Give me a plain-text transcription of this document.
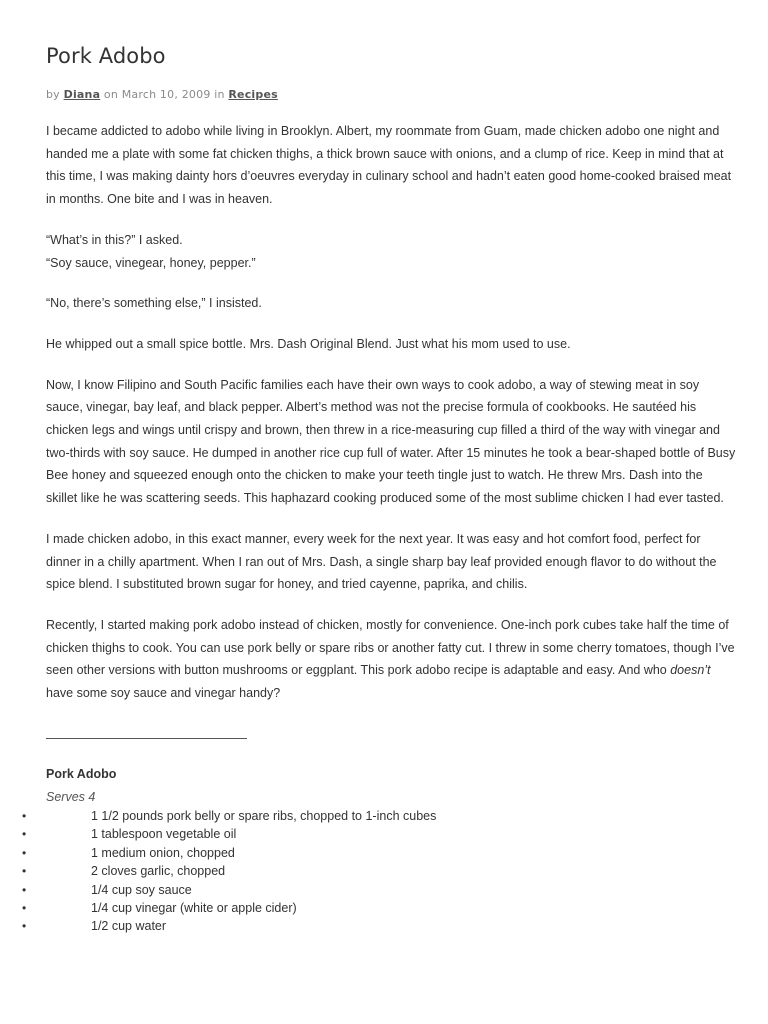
Pork Adobo
by Diana on March 10, 2009 in Recipes

I became addicted to adobo while living in Brooklyn. Albert, my roommate from Guam, made chicken adobo one night and handed me a plate with some fat chicken thighs, a thick brown sauce with onions, and a clump of rice. Keep in mind that at this time, I was making dainty hors d’oeuvres everyday in culinary school and hadn’t eaten good home-cooked braised meat in months. One bite and I was in heaven.

“What’s in this?” I asked.

“Soy sauce, vinegear, honey, pepper.”

“No, there’s something else,” I insisted.

He whipped out a small spice bottle. Mrs. Dash Original Blend. Just what his mom used to use.

Now, I know Filipino and South Pacific families each have their own ways to cook adobo, a way of stewing meat in soy sauce, vinegar, bay leaf, and black pepper. Albert’s method was not the precise formula of cookbooks. He sautéed his chicken legs and wings until crispy and brown, then threw in a rice-measuring cup filled a third of the way with vinegar and two-thirds with soy sauce. He dumped in another rice cup full of water. After 15 minutes he took a bear-shaped bottle of Busy Bee honey and squeezed enough onto the chicken to make your teeth tingle just to watch. He threw Mrs. Dash into the skillet like he was scattering seeds. This haphazard cooking produced some of the most sublime chicken I had ever tasted.

I made chicken adobo, in this exact manner, every week for the next year. It was easy and hot comfort food, perfect for dinner in a chilly apartment. When I ran out of Mrs. Dash, a single sharp bay leaf provided enough flavor to do without the spice blend. I substituted brown sugar for honey, and tried cayenne, paprika, and chilis.

Recently, I started making pork adobo instead of chicken, mostly for convenience. One-inch pork cubes take half the time of chicken thighs to cook. You can use pork belly or spare ribs or another fatty cut. I threw in some cherry tomatoes, though I’ve seen other versions with button mushrooms or eggplant. This pork adobo recipe is adaptable and easy. And who doesn’t have some soy sauce and vinegar handy?

Pork Adobo
Serves 4
•	1 1/2 pounds pork belly or spare ribs, chopped to 1-inch cubes
•	1 tablespoon vegetable oil
•	1 medium onion, chopped
•	2 cloves garlic, chopped
•	1/4 cup soy sauce
•	1/4 cup vinegar (white or apple cider)
•	1/2 cup water
